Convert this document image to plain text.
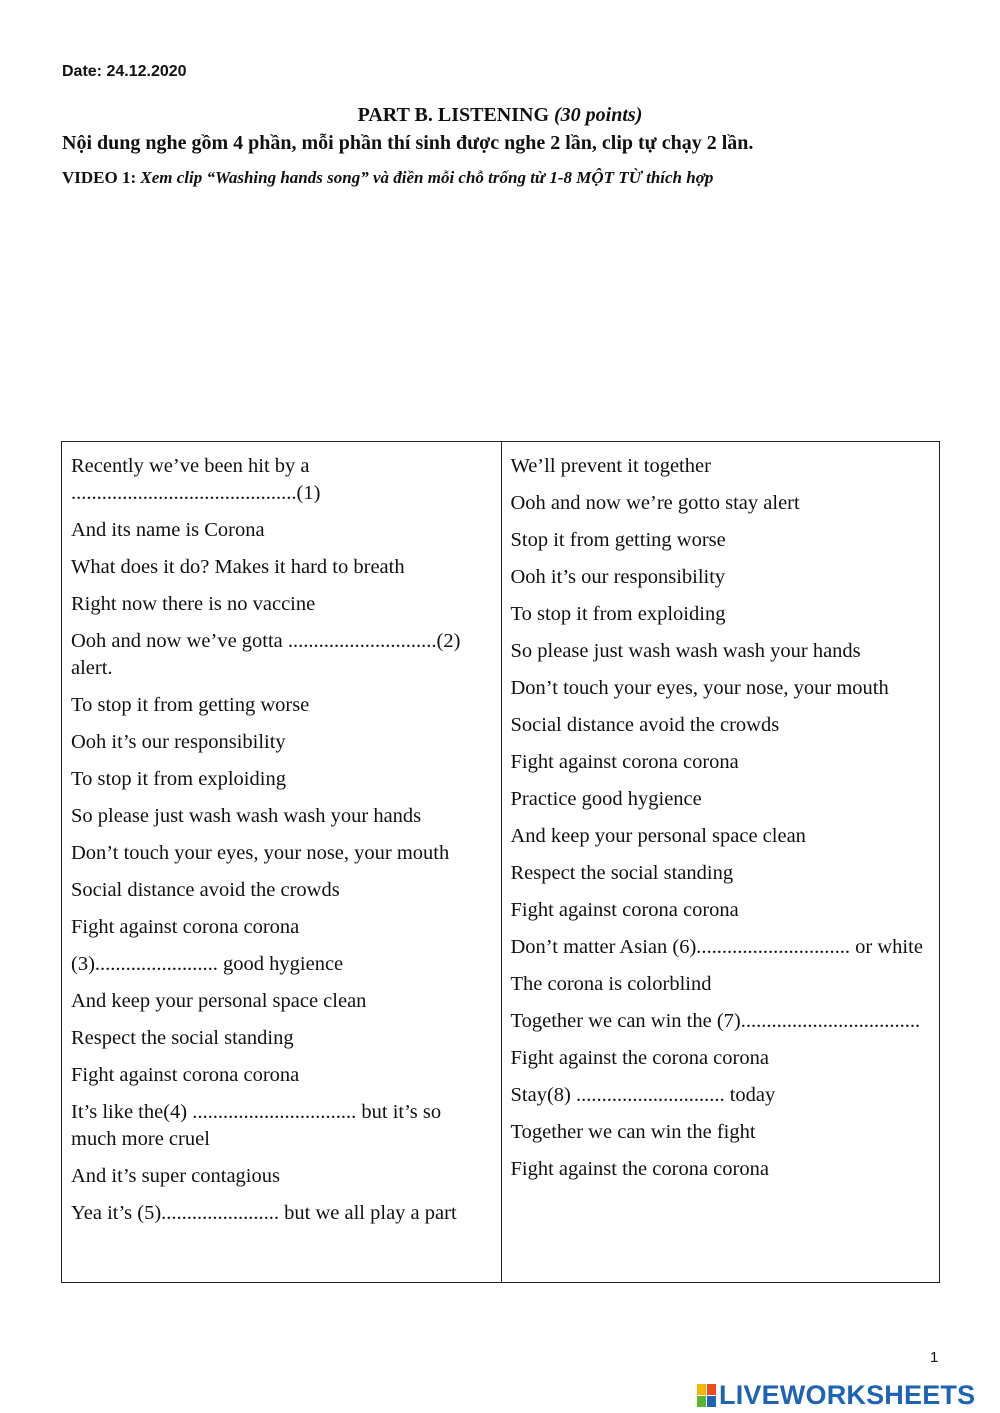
Date: 24.12.2020
PART B. LISTENING (30 points)
Nội dung nghe gồm 4 phần, mỗi phần thí sinh được nghe 2 lần, clip tự chạy 2 lần.
VIDEO 1: Xem clip “Washing hands song” và điền mỗi chỗ trống từ 1-8 MỘT TỪ thích hợp
Recently we’ve been hit by a ............................................(1)
And its name is Corona
What does it do? Makes it hard to breath
Right now there is no vaccine
Ooh and now we’ve gotta .............................(2) alert.
To stop it from getting worse
Ooh it’s our responsibility
To stop it from exploiding
So please just wash wash wash your hands
Don’t touch your eyes, your nose, your mouth
Social distance avoid the crowds
Fight against corona corona
(3)........................ good hygience
And keep your personal space clean
Respect the social standing
Fight against corona corona
It’s like the(4) ................................ but it’s so much more cruel
And it’s super contagious
Yea it’s (5)....................... but we all play a part
We’ll prevent it together
Ooh and now we’re gotto stay alert
Stop it from getting worse
Ooh it’s our responsibility
To stop it from exploiding
So please just wash wash wash your hands
Don’t touch your eyes, your nose, your mouth
Social distance avoid the crowds
Fight against corona corona
Practice good hygience
And keep your personal space clean
Respect the social standing
Fight against corona corona
Don’t matter Asian (6).............................. or white
The corona is colorblind
Together we can win the (7)...................................
Fight against the corona corona
Stay(8) ............................. today
Together we can win the fight
Fight against the corona corona
1
LIVEWORKSHEETS
